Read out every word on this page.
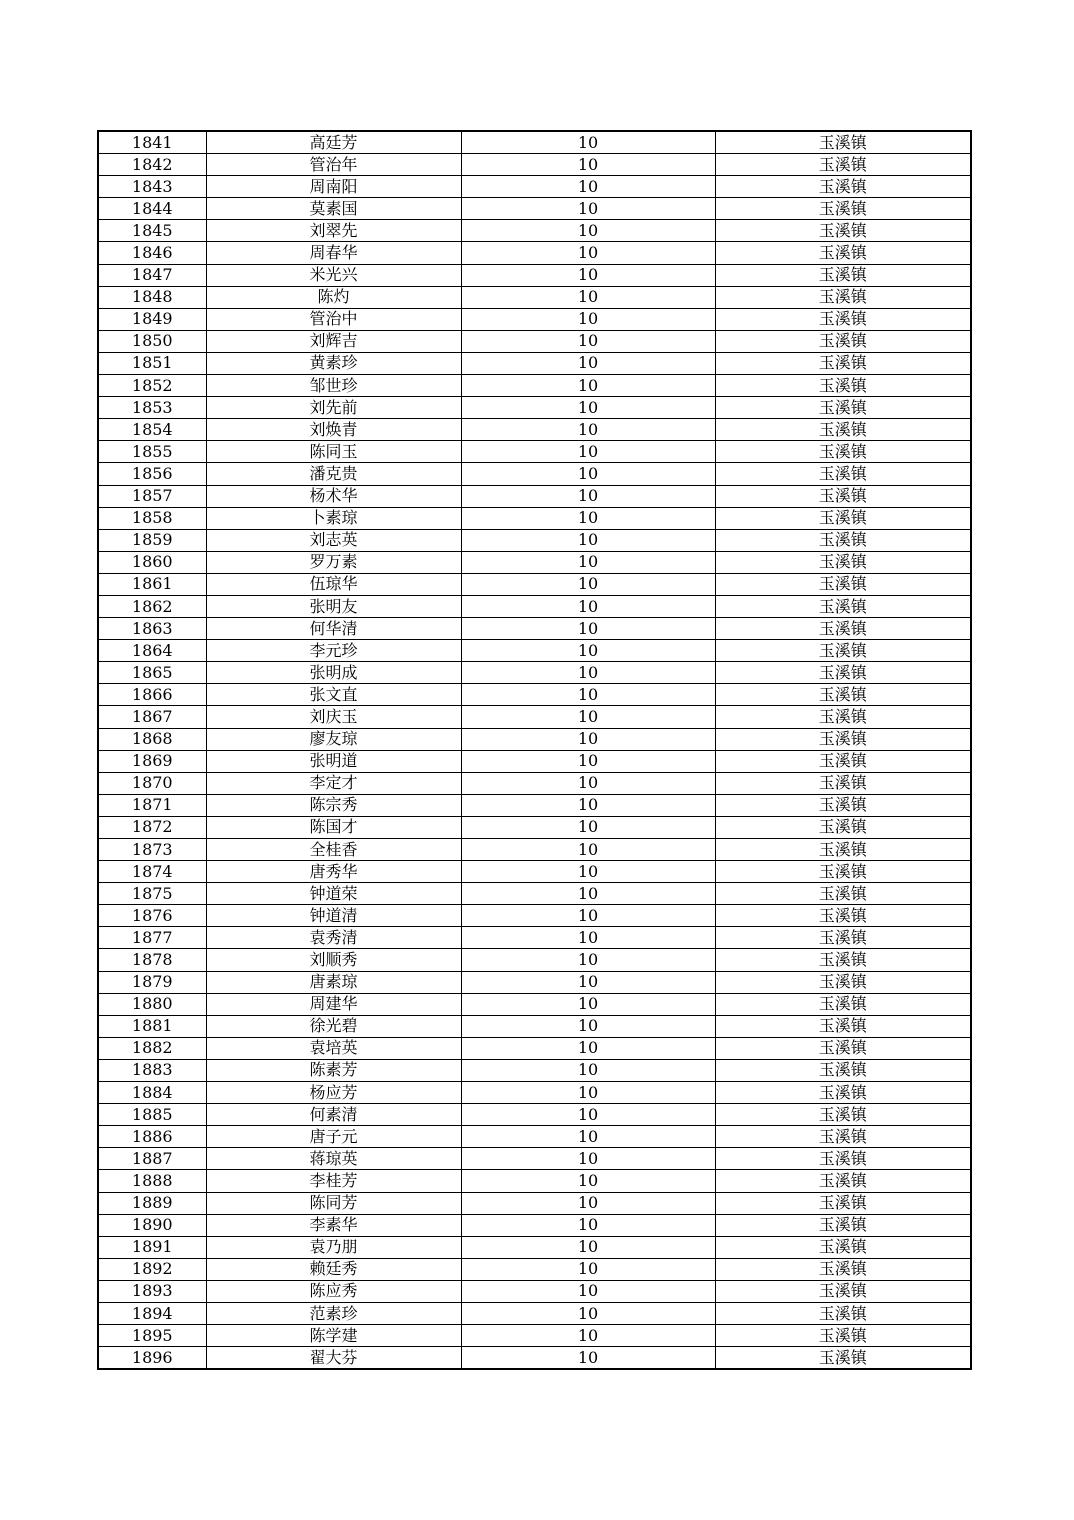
1841	高廷芳	10	玉溪镇
1842	管治年	10	玉溪镇
1843	周南阳	10	玉溪镇
1844	莫素国	10	玉溪镇
1845	刘翠先	10	玉溪镇
1846	周春华	10	玉溪镇
1847	米光兴	10	玉溪镇
1848	陈灼	10	玉溪镇
1849	管治中	10	玉溪镇
1850	刘辉吉	10	玉溪镇
1851	黄素珍	10	玉溪镇
1852	邹世珍	10	玉溪镇
1853	刘先前	10	玉溪镇
1854	刘焕青	10	玉溪镇
1855	陈同玉	10	玉溪镇
1856	潘克贵	10	玉溪镇
1857	杨术华	10	玉溪镇
1858	卜素琼	10	玉溪镇
1859	刘志英	10	玉溪镇
1860	罗万素	10	玉溪镇
1861	伍琼华	10	玉溪镇
1862	张明友	10	玉溪镇
1863	何华清	10	玉溪镇
1864	李元珍	10	玉溪镇
1865	张明成	10	玉溪镇
1866	张文直	10	玉溪镇
1867	刘庆玉	10	玉溪镇
1868	廖友琼	10	玉溪镇
1869	张明道	10	玉溪镇
1870	李定才	10	玉溪镇
1871	陈宗秀	10	玉溪镇
1872	陈国才	10	玉溪镇
1873	全桂香	10	玉溪镇
1874	唐秀华	10	玉溪镇
1875	钟道荣	10	玉溪镇
1876	钟道清	10	玉溪镇
1877	袁秀清	10	玉溪镇
1878	刘顺秀	10	玉溪镇
1879	唐素琼	10	玉溪镇
1880	周建华	10	玉溪镇
1881	徐光碧	10	玉溪镇
1882	袁培英	10	玉溪镇
1883	陈素芳	10	玉溪镇
1884	杨应芳	10	玉溪镇
1885	何素清	10	玉溪镇
1886	唐子元	10	玉溪镇
1887	蒋琼英	10	玉溪镇
1888	李桂芳	10	玉溪镇
1889	陈同芳	10	玉溪镇
1890	李素华	10	玉溪镇
1891	袁乃朋	10	玉溪镇
1892	赖廷秀	10	玉溪镇
1893	陈应秀	10	玉溪镇
1894	范素珍	10	玉溪镇
1895	陈学建	10	玉溪镇
1896	翟大芬	10	玉溪镇
